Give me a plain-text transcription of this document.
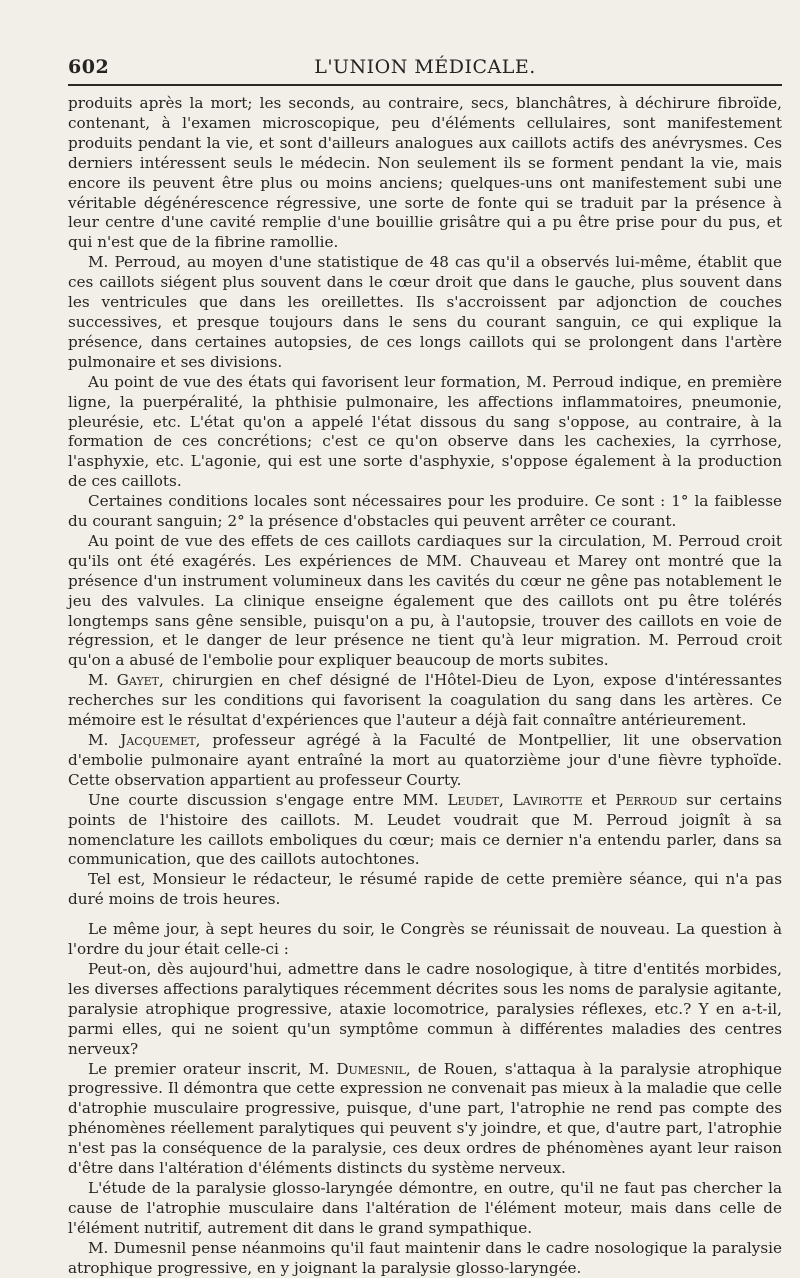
602	L'UNION MÉDICALE.

produits après la mort; les seconds, au contraire, secs, blanchâtres, à déchirure fibroïde, contenant, à l'examen microscopique, peu d'éléments cellulaires, sont manifestement produits pendant la vie, et sont d'ailleurs analogues aux caillots actifs des anévrysmes. Ces derniers intéressent seuls le médecin. Non seulement ils se forment pendant la vie, mais encore ils peuvent être plus ou moins anciens; quelques-uns ont manifestement subi une véritable dégénérescence régressive, une sorte de fonte qui se traduit par la présence à leur centre d'une cavité remplie d'une bouillie grisâtre qui a pu être prise pour du pus, et qui n'est que de la fibrine ramollie.

M. Perroud, au moyen d'une statistique de 48 cas qu'il a observés lui-même, établit que ces caillots siégent plus souvent dans le cœur droit que dans le gauche, plus souvent dans les ventricules que dans les oreillettes. Ils s'accroissent par adjonction de couches successives, et presque toujours dans le sens du courant sanguin, ce qui explique la présence, dans certaines autopsies, de ces longs caillots qui se prolongent dans l'artère pulmonaire et ses divisions.

Au point de vue des états qui favorisent leur formation, M. Perroud indique, en première ligne, la puerpéralité, la phthisie pulmonaire, les affections inflammatoires, pneumonie, pleurésie, etc. L'état qu'on a appelé l'état dissous du sang s'oppose, au contraire, à la formation de ces concrétions; c'est ce qu'on observe dans les cachexies, la cyrrhose, l'asphyxie, etc. L'agonie, qui est une sorte d'asphyxie, s'oppose également à la production de ces caillots.

Certaines conditions locales sont nécessaires pour les produire. Ce sont : 1° la faiblesse du courant sanguin; 2° la présence d'obstacles qui peuvent arrêter ce courant.

Au point de vue des effets de ces caillots cardiaques sur la circulation, M. Perroud croit qu'ils ont été exagérés. Les expériences de MM. Chauveau et Marey ont montré que la présence d'un instrument volumineux dans les cavités du cœur ne gêne pas notablement le jeu des valvules. La clinique enseigne également que des caillots ont pu être tolérés longtemps sans gêne sensible, puisqu'on a pu, à l'autopsie, trouver des caillots en voie de régression, et le danger de leur présence ne tient qu'à leur migration. M. Perroud croit qu'on a abusé de l'embolie pour expliquer beaucoup de morts subites.

M. Gayet, chirurgien en chef désigné de l'Hôtel-Dieu de Lyon, expose d'intéressantes recherches sur les conditions qui favorisent la coagulation du sang dans les artères. Ce mémoire est le résultat d'expériences que l'auteur a déjà fait connaître antérieurement.

M. Jacquemet, professeur agrégé à la Faculté de Montpellier, lit une observation d'embolie pulmonaire ayant entraîné la mort au quatorzième jour d'une fièvre typhoïde. Cette observation appartient au professeur Courty.

Une courte discussion s'engage entre MM. Leudet, Lavirotte et Perroud sur certains points de l'histoire des caillots. M. Leudet voudrait que M. Perroud joignît à sa nomenclature les caillots emboliques du cœur; mais ce dernier n'a entendu parler, dans sa communication, que des caillots autochtones.

Tel est, Monsieur le rédacteur, le résumé rapide de cette première séance, qui n'a pas duré moins de trois heures.

Le même jour, à sept heures du soir, le Congrès se réunissait de nouveau. La question à l'ordre du jour était celle-ci :

Peut-on, dès aujourd'hui, admettre dans le cadre nosologique, à titre d'entités morbides, les diverses affections paralytiques récemment décrites sous les noms de paralysie agitante, paralysie atrophique progressive, ataxie locomotrice, paralysies réflexes, etc.? Y en a-t-il, parmi elles, qui ne soient qu'un symptôme commun à différentes maladies des centres nerveux?

Le premier orateur inscrit, M. Dumesnil, de Rouen, s'attaqua à la paralysie atrophique progressive. Il démontra que cette expression ne convenait pas mieux à la maladie que celle d'atrophie musculaire progressive, puisque, d'une part, l'atrophie ne rend pas compte des phénomènes réellement paralytiques qui peuvent s'y joindre, et que, d'autre part, l'atrophie n'est pas la conséquence de la paralysie, ces deux ordres de phénomènes ayant leur raison d'être dans l'altération d'éléments distincts du système nerveux.

L'étude de la paralysie glosso-laryngée démontre, en outre, qu'il ne faut pas chercher la cause de l'atrophie musculaire dans l'altération de l'élément moteur, mais dans celle de l'élément nutritif, autrement dit dans le grand sympathique.

M. Dumesnil pense néanmoins qu'il faut maintenir dans le cadre nosologique la paralysie atrophique progressive, en y joignant la paralysie glosso-laryngée.
